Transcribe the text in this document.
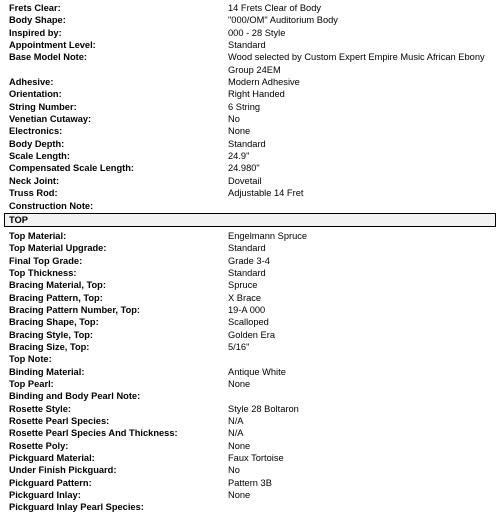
Frets Clear:	14 Frets Clear of Body
Body Shape:	"000/OM" Auditorium Body
Inspired by:	000 - 28 Style
Appointment Level:	Standard
Base Model Note:	Wood selected by Custom Expert Empire Music African Ebony Group 24EM
Adhesive:	Modern Adhesive
Orientation:	Right Handed
String Number:	6 String
Venetian Cutaway:	No
Electronics:	None
Body Depth:	Standard
Scale Length:	24.9"
Compensated Scale Length:	24.980"
Neck Joint:	Dovetail
Truss Rod:	Adjustable 14 Fret
Construction Note:
TOP
Top Material:	Engelmann Spruce
Top Material Upgrade:	Standard
Final Top Grade:	Grade 3-4
Top Thickness:	Standard
Bracing Material, Top:	Spruce
Bracing Pattern, Top:	X Brace
Bracing Pattern Number, Top:	19-A 000
Bracing Shape, Top:	Scalloped
Bracing Style, Top:	Golden Era
Bracing Size, Top:	5/16"
Top Note:
Binding Material:	Antique White
Top Pearl:	None
Binding and Body Pearl Note:
Rosette Style:	Style 28 Boltaron
Rosette Pearl Species:	N/A
Rosette Pearl Species And Thickness:	N/A
Rosette Poly:	None
Pickguard Material:	Faux Tortoise
Under Finish Pickguard:	No
Pickguard Pattern:	Pattern 3B
Pickguard Inlay:	None
Pickguard Inlay Pearl Species:
